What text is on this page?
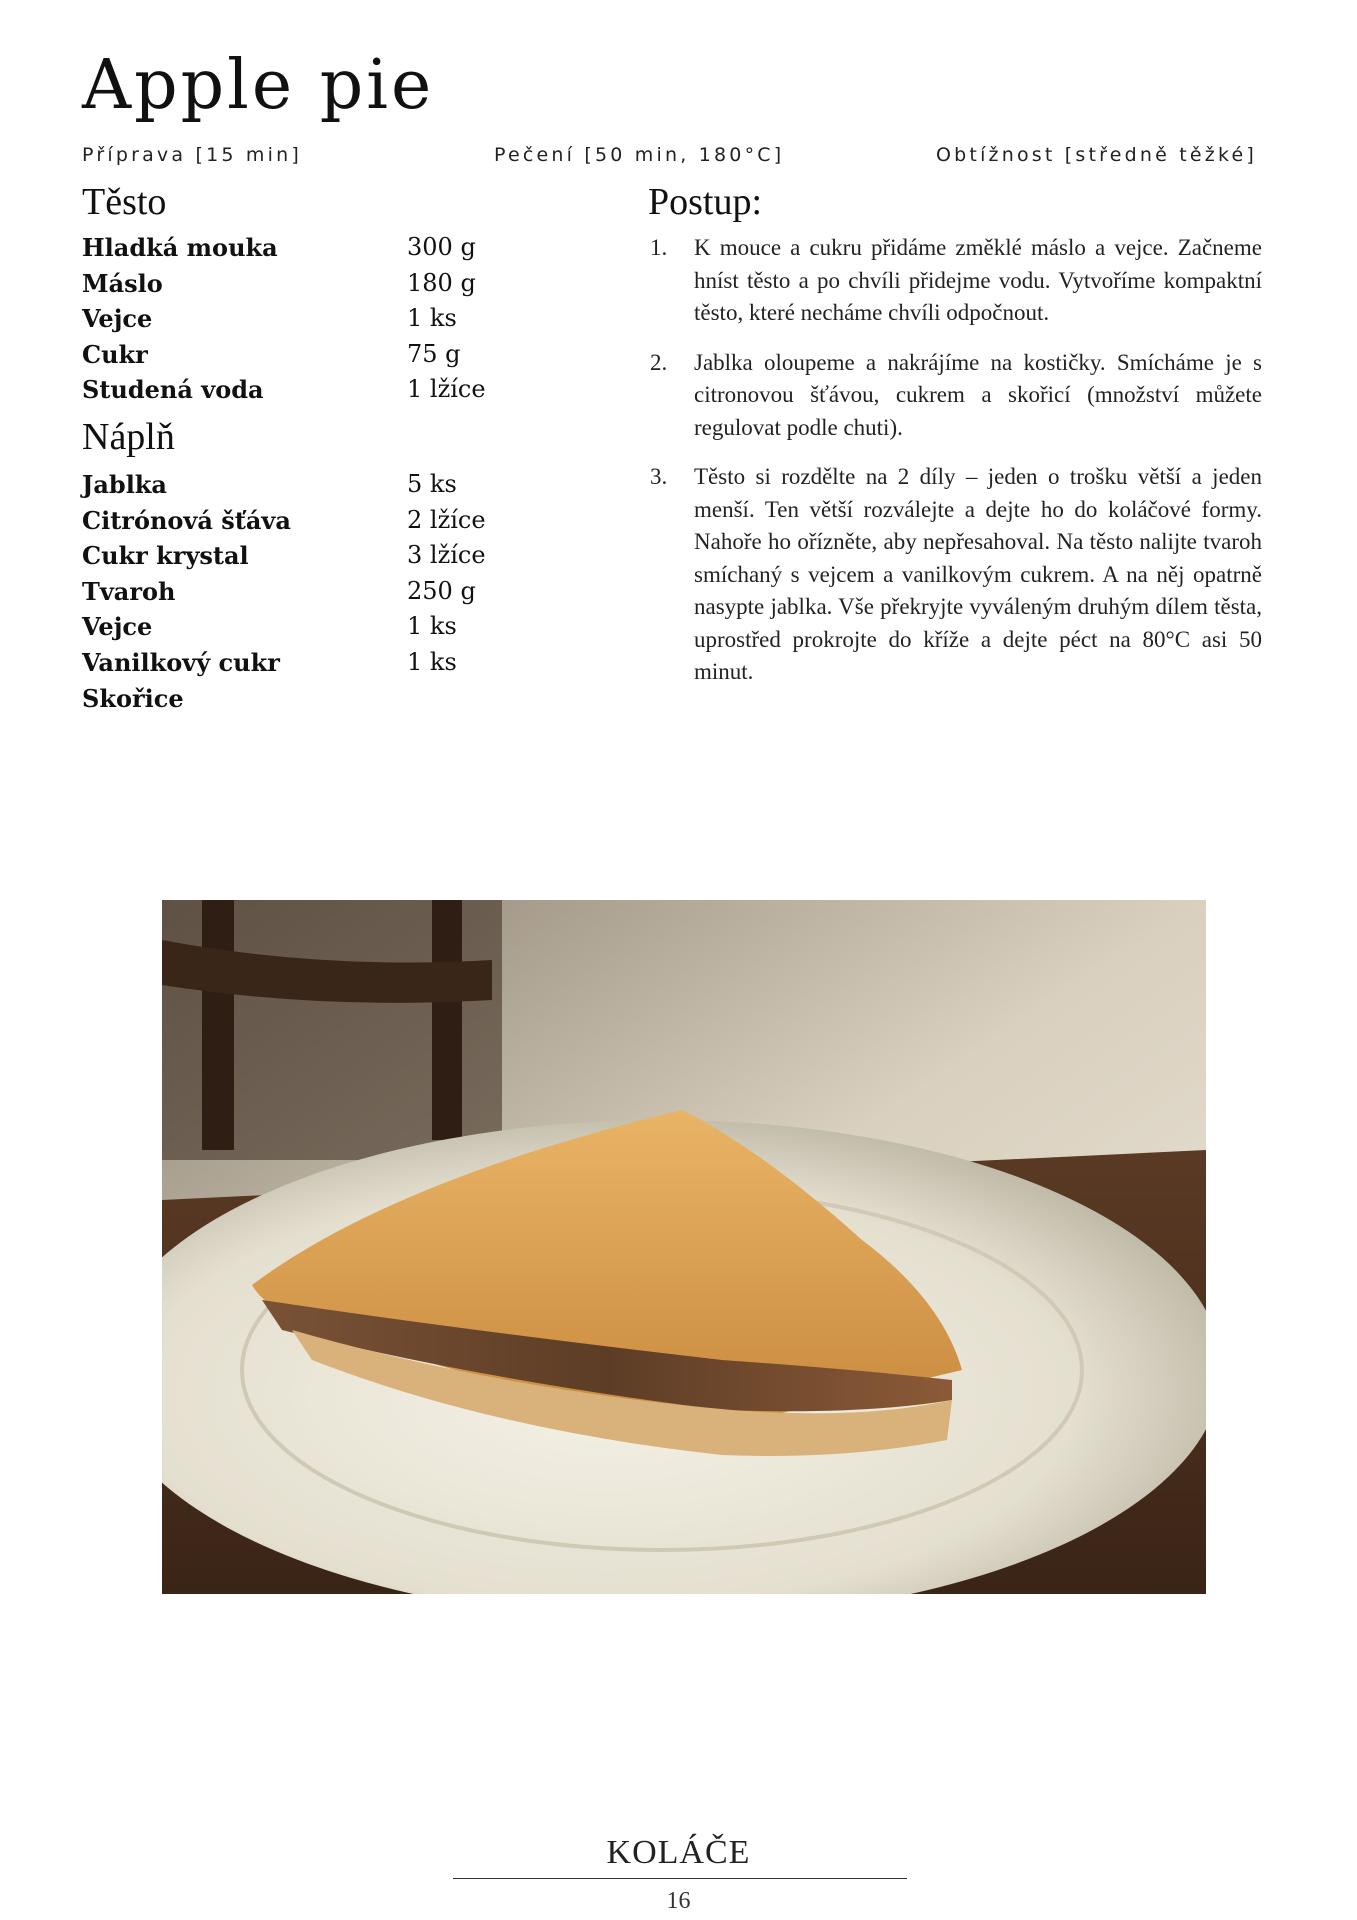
Apple pie
Příprava [15 min]	Pečení [50 min, 180°C]	Obtížnost [středně těžké]
Těsto
Hladká mouka	300 g
Máslo	180 g
Vejce	1 ks
Cukr	75 g
Studená voda	1 lžíce
Náplň
Jablka	5 ks
Citrónová šťáva	2 lžíce
Cukr krystal	3 lžíce
Tvaroh	250 g
Vejce	1 ks
Vanilkový cukr	1 ks
Skořice
Postup:
1. K mouce a cukru přidáme změklé máslo a vejce. Začneme hníst těsto a po chvíli přidejme vodu. Vytvoříme kompaktní těsto, které necháme chvíli odpočnout.
2. Jablka oloupeme a nakrájíme na kostičky. Smícháme je s citronovou šťávou, cukrem a skořicí (množství můžete regulovat podle chuti).
3. Těsto si rozdělte na 2 díly – jeden o trošku větší a jeden menší. Ten větší rozválejte a dejte ho do koláčové formy. Nahoře ho ořízněte, aby nepřesahoval. Na těsto nalijte tvaroh smíchaný s vejcem a vanilkovým cukrem. A na něj opatrně nasypte jablka. Vše překryjte vyváleným druhým dílem těsta, uprostřed prokrojte do kříže a dejte péct na 80°C asi 50 minut.
KOLÁČE
16
